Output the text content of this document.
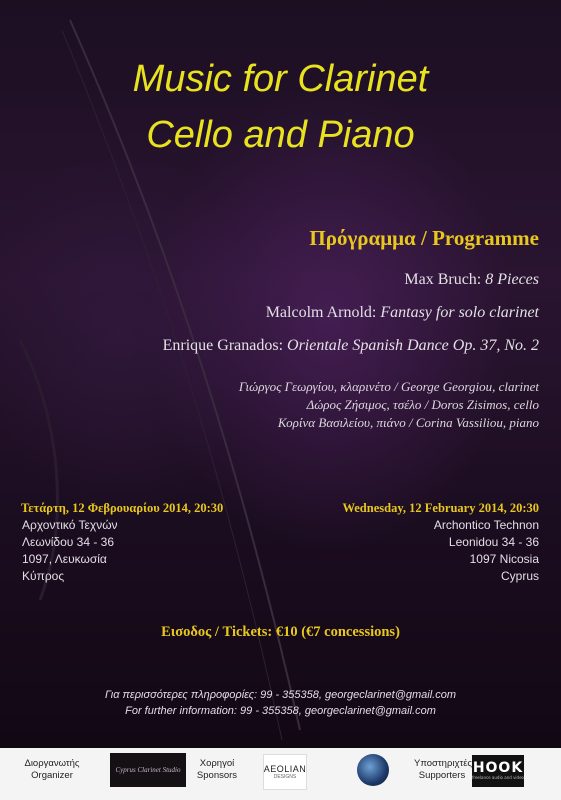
Music for Clarinet
Cello and Piano
Πρόγραμμα / Programme
Max Bruch: 8 Pieces
Malcolm Arnold: Fantasy for solo clarinet
Enrique Granados: Orientale Spanish Dance Op. 37, No. 2
Γιώργος Γεωργίου, κλαρινέτο / George Georgiou, clarinet
Δώρος Ζήσιμος, τσέλο / Doros Zisimos, cello
Κορίνα Βασιλείου, πιάνο / Corina Vassiliou, piano
Τετάρτη, 12 Φεβρουαρίου 2014, 20:30	Wednesday, 12 February 2014, 20:30
Αρχοντικό Τεχνών
Λεωνίδου 34 - 36
1097, Λευκωσία
Κύπρος
Archontico Technon
Leonidou 34 - 36
1097 Nicosia
Cyprus
Εισοδος / Tickets: €10 (€7 concessions)
Για περισσότερες πληροφορίες: 99 - 355358, georgeclarinet@gmail.com
For further information: 99 - 355358, georgeclarinet@gmail.com
Διοργανωτής
Organizer	Cyprus Clarinet Studio
Χορηγοί
Sponsors
AEOLIAN
DESIGNS
Υποστηριχτές
Supporters HOOK
freelance audio and video
